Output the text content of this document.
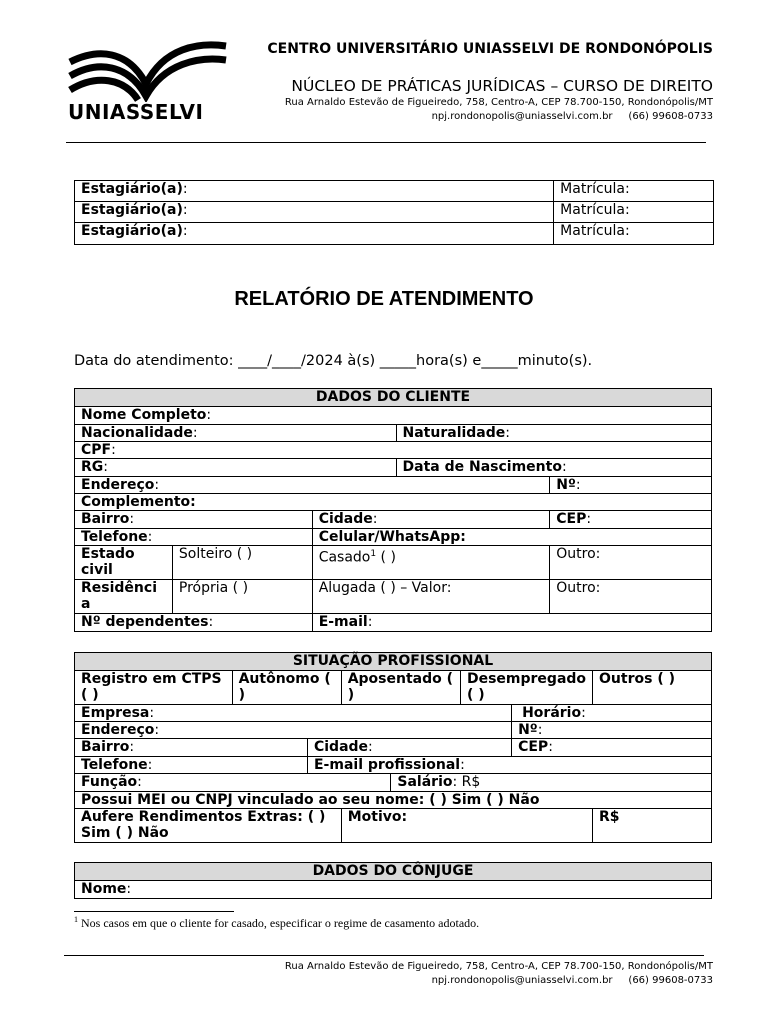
UNIASSELVI
CENTRO UNIVERSITÁRIO UNIASSELVI DE RONDONÓPOLIS
NÚCLEO DE PRÁTICAS JURÍDICAS – CURSO DE DIREITO
Rua Arnaldo Estevão de Figueiredo, 758, Centro-A, CEP 78.700-150, Rondonópolis/MT
npj.rondonopolis@uniasselvi.com.br     (66) 99608-0733
Estagiário(a):	Matrícula:
Estagiário(a):	Matrícula:
Estagiário(a):	Matrícula:
RELATÓRIO DE ATENDIMENTO
Data do atendimento: ____/____/2024 à(s) _____hora(s) e_____minuto(s).
DADOS DO CLIENTE				
Nome Completo:				
Nacionalidade:			Naturalidade:	
CPF:				
RG:			Data de Nascimento:	
Endereço:				Nº:
Complemento:				
Bairro:		Cidade:		CEP:
Telefone:		Celular/WhatsApp:		
Estado civil	Solteiro ( )	Casado$^1$ ( )		Outro:
Residência	Própria ( )	Alugada ( ) – Valor:		Outro:
Nº dependentes:		E-mail:		
SITUAÇÃO PROFISSIONAL							
Registro em CTPS ( )	Autônomo ( )		Aposentado ( )		Desempregado ( )		Outros ( )
Empresa:						Horário:	
Endereço:						Nº:	
Bairro:		Cidade:				CEP:	
Telefone:		E-mail profissional:					
Função:				Salário: R$			
Possui MEI ou CNPJ vinculado ao seu nome: ( ) Sim ( ) Não							
Aufere Rendimentos Extras: ( ) Sim ( ) Não			Motivo:				R$
DADOS DO CÔNJUGE
Nome:
$^1$ Nos casos em que o cliente for casado, especificar o regime de casamento adotado.
Rua Arnaldo Estevão de Figueiredo, 758, Centro-A, CEP 78.700-150, Rondonópolis/MT
npj.rondonopolis@uniasselvi.com.br     (66) 99608-0733
